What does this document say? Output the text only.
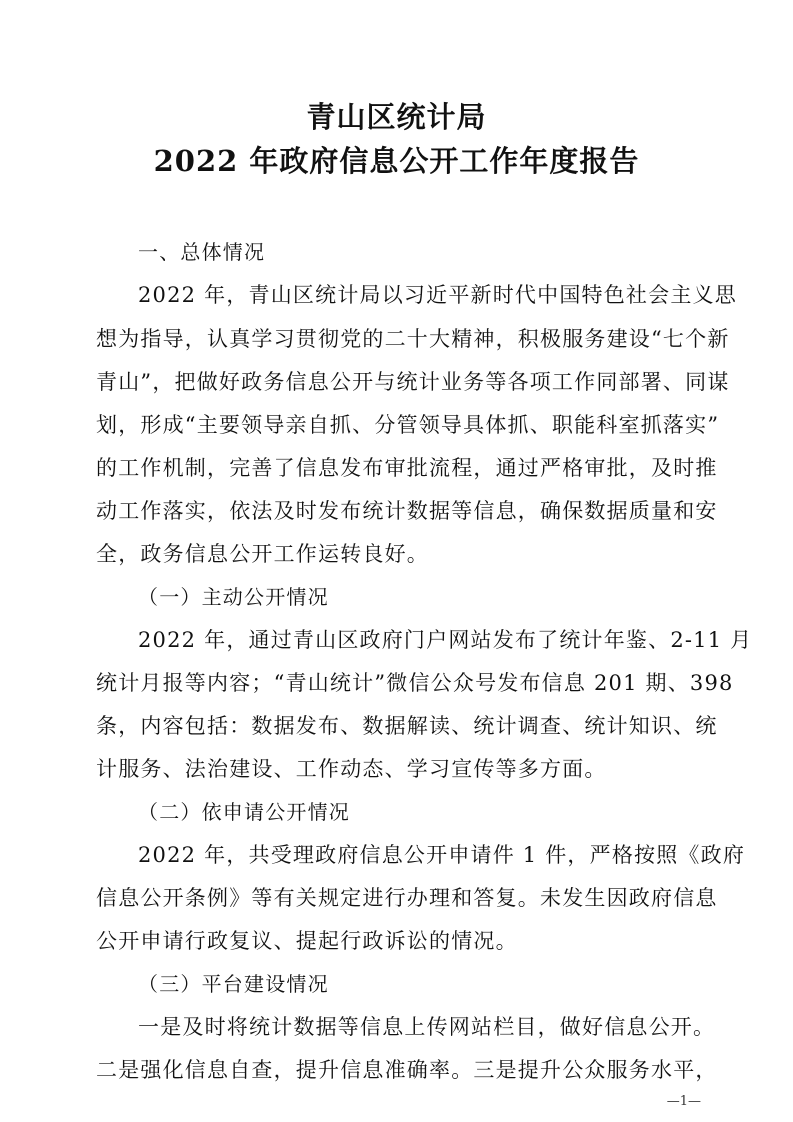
青山区统计局
2022 年政府信息公开工作年度报告
一、总体情况
2022 年，青山区统计局以习近平新时代中国特色社会主义思
想为指导，认真学习贯彻党的二十大精神，积极服务建设“七个新
青山”，把做好政务信息公开与统计业务等各项工作同部署、同谋
划，形成“主要领导亲自抓、分管领导具体抓、职能科室抓落实”
的工作机制，完善了信息发布审批流程，通过严格审批，及时推
动工作落实，依法及时发布统计数据等信息，确保数据质量和安
全，政务信息公开工作运转良好。
（一）主动公开情况
2022 年，通过青山区政府门户网站发布了统计年鉴、2-11 月
统计月报等内容；“青山统计”微信公众号发布信息 201 期、398
条，内容包括：数据发布、数据解读、统计调查、统计知识、统
计服务、法治建设、工作动态、学习宣传等多方面。
（二）依申请公开情况
2022 年，共受理政府信息公开申请件 1 件，严格按照《政府
信息公开条例》等有关规定进行办理和答复。未发生因政府信息
公开申请行政复议、提起行政诉讼的情况。
（三）平台建设情况
一是及时将统计数据等信息上传网站栏目，做好信息公开。
二是强化信息自查，提升信息准确率。三是提升公众服务水平，
—1—
